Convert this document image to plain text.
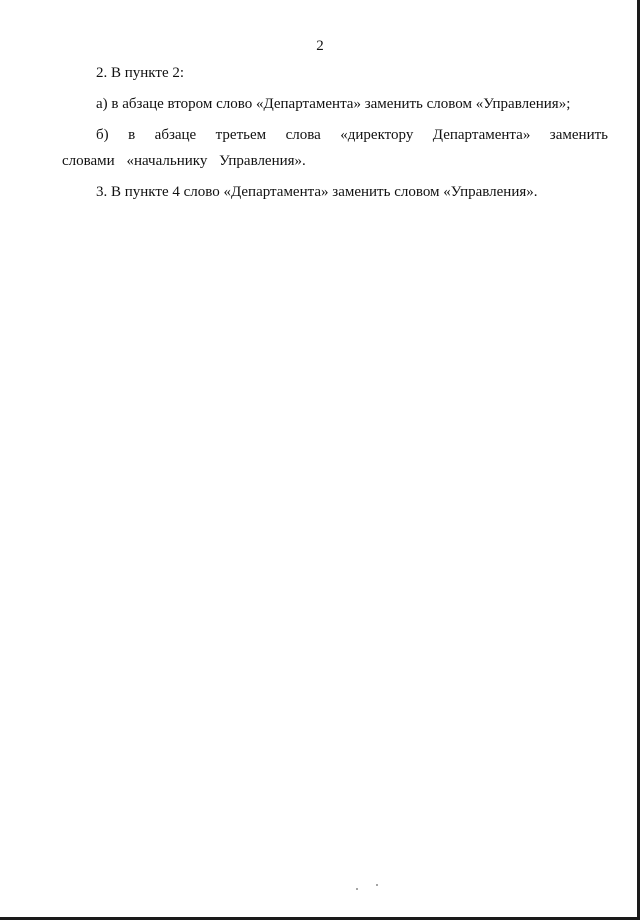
2

2. В пункте 2:

а) в абзаце втором слово «Департамента» заменить словом «Управления»;

б) в абзаце третьем слова «директору Департамента» заменить словами «начальнику Управления».

3. В пункте 4 слово «Департамента» заменить словом «Управления».
